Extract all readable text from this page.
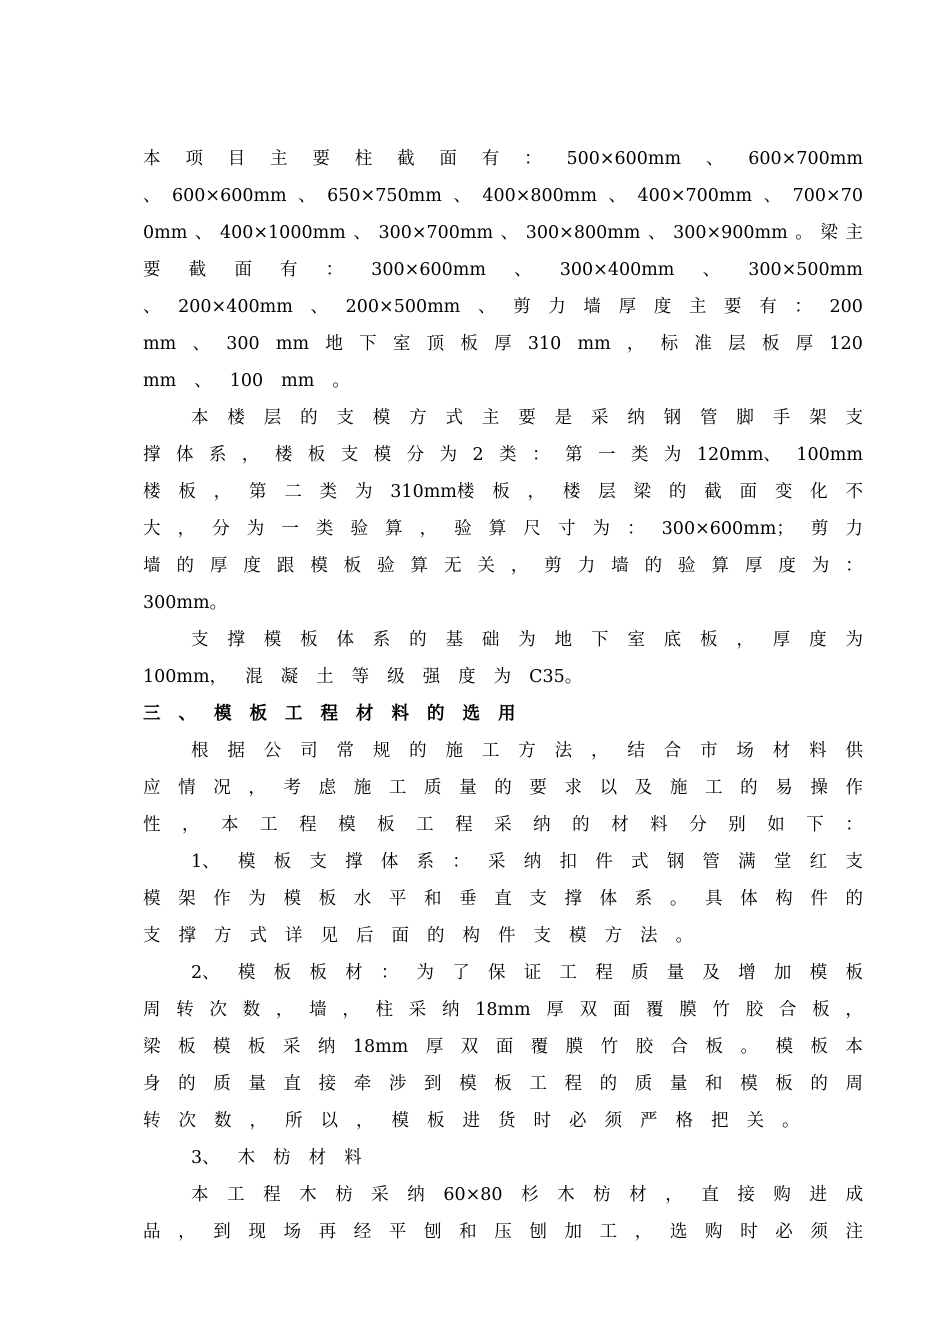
本 项 目 主 要 柱 截 面 有 ： 500×600mm 、 600×700mm
、 600×600mm 、 650×750mm 、 400×800mm 、 400×700mm 、 700×70
0mm 、 400×1000mm 、 300×700mm 、 300×800mm 、 300×900mm 。 梁 主
要 截 面 有 ： 300×600mm 、 300×400mm 、 300×500mm
、 200×400mm 、 200×500mm 、 剪 力 墙 厚 度 主 要 有 ： 200
mm 、 300 mm 地 下 室 顶 板 厚 310 mm ， 标 准 层 板 厚 120
mm 、 100 mm 。
本 楼 层 的 支 模 方 式 主 要 是 采 纳 钢 管 脚 手 架 支
撑 体 系 ， 楼 板 支 模 分 为 2 类 ： 第 一 类 为 120mm、 100mm
楼 板 ， 第 二 类 为 310mm楼 板 ， 楼 层 梁 的 截 面 变 化 不
大 ， 分 为 一 类 验 算 ， 验 算 尺 寸 为 ： 300×600mm； 剪 力
墙 的 厚 度 跟 模 板 验 算 无 关 ， 剪 力 墙 的 验 算 厚 度 为 ：
300mm。
支 撑 模 板 体 系 的 基 础 为 地 下 室 底 板 ， 厚 度 为
100mm， 混 凝 土 等 级 强 度 为 C35。
三 、 模 板 工 程 材 料 的 选 用
根 据 公 司 常 规 的 施 工 方 法 ， 结 合 市 场 材 料 供
应 情 况 ， 考 虑 施 工 质 量 的 要 求 以 及 施 工 的 易 操 作
性 ， 本 工 程 模 板 工 程 采 纳 的 材 料 分 别 如 下 ：
1、 模 板 支 撑 体 系 ： 采 纳 扣 件 式 钢 管 满 堂 红 支
模 架 作 为 模 板 水 平 和 垂 直 支 撑 体 系 。 具 体 构 件 的
支 撑 方 式 详 见 后 面 的 构 件 支 模 方 法 。
2、 模 板 板 材 ： 为 了 保 证 工 程 质 量 及 增 加 模 板
周 转 次 数 ， 墙 ， 柱 采 纳 18mm 厚 双 面 覆 膜 竹 胶 合 板 ，
梁 板 模 板 采 纳 18mm 厚 双 面 覆 膜 竹 胶 合 板 。 模 板 本
身 的 质 量 直 接 牵 涉 到 模 板 工 程 的 质 量 和 模 板 的 周
转 次 数 ， 所 以 ， 模 板 进 货 时 必 须 严 格 把 关 。
3、 木 枋 材 料
本 工 程 木 枋 采 纳 60×80 杉 木 枋 材 ， 直 接 购 进 成
品 ， 到 现 场 再 经 平 刨 和 压 刨 加 工 ， 选 购 时 必 须 注
